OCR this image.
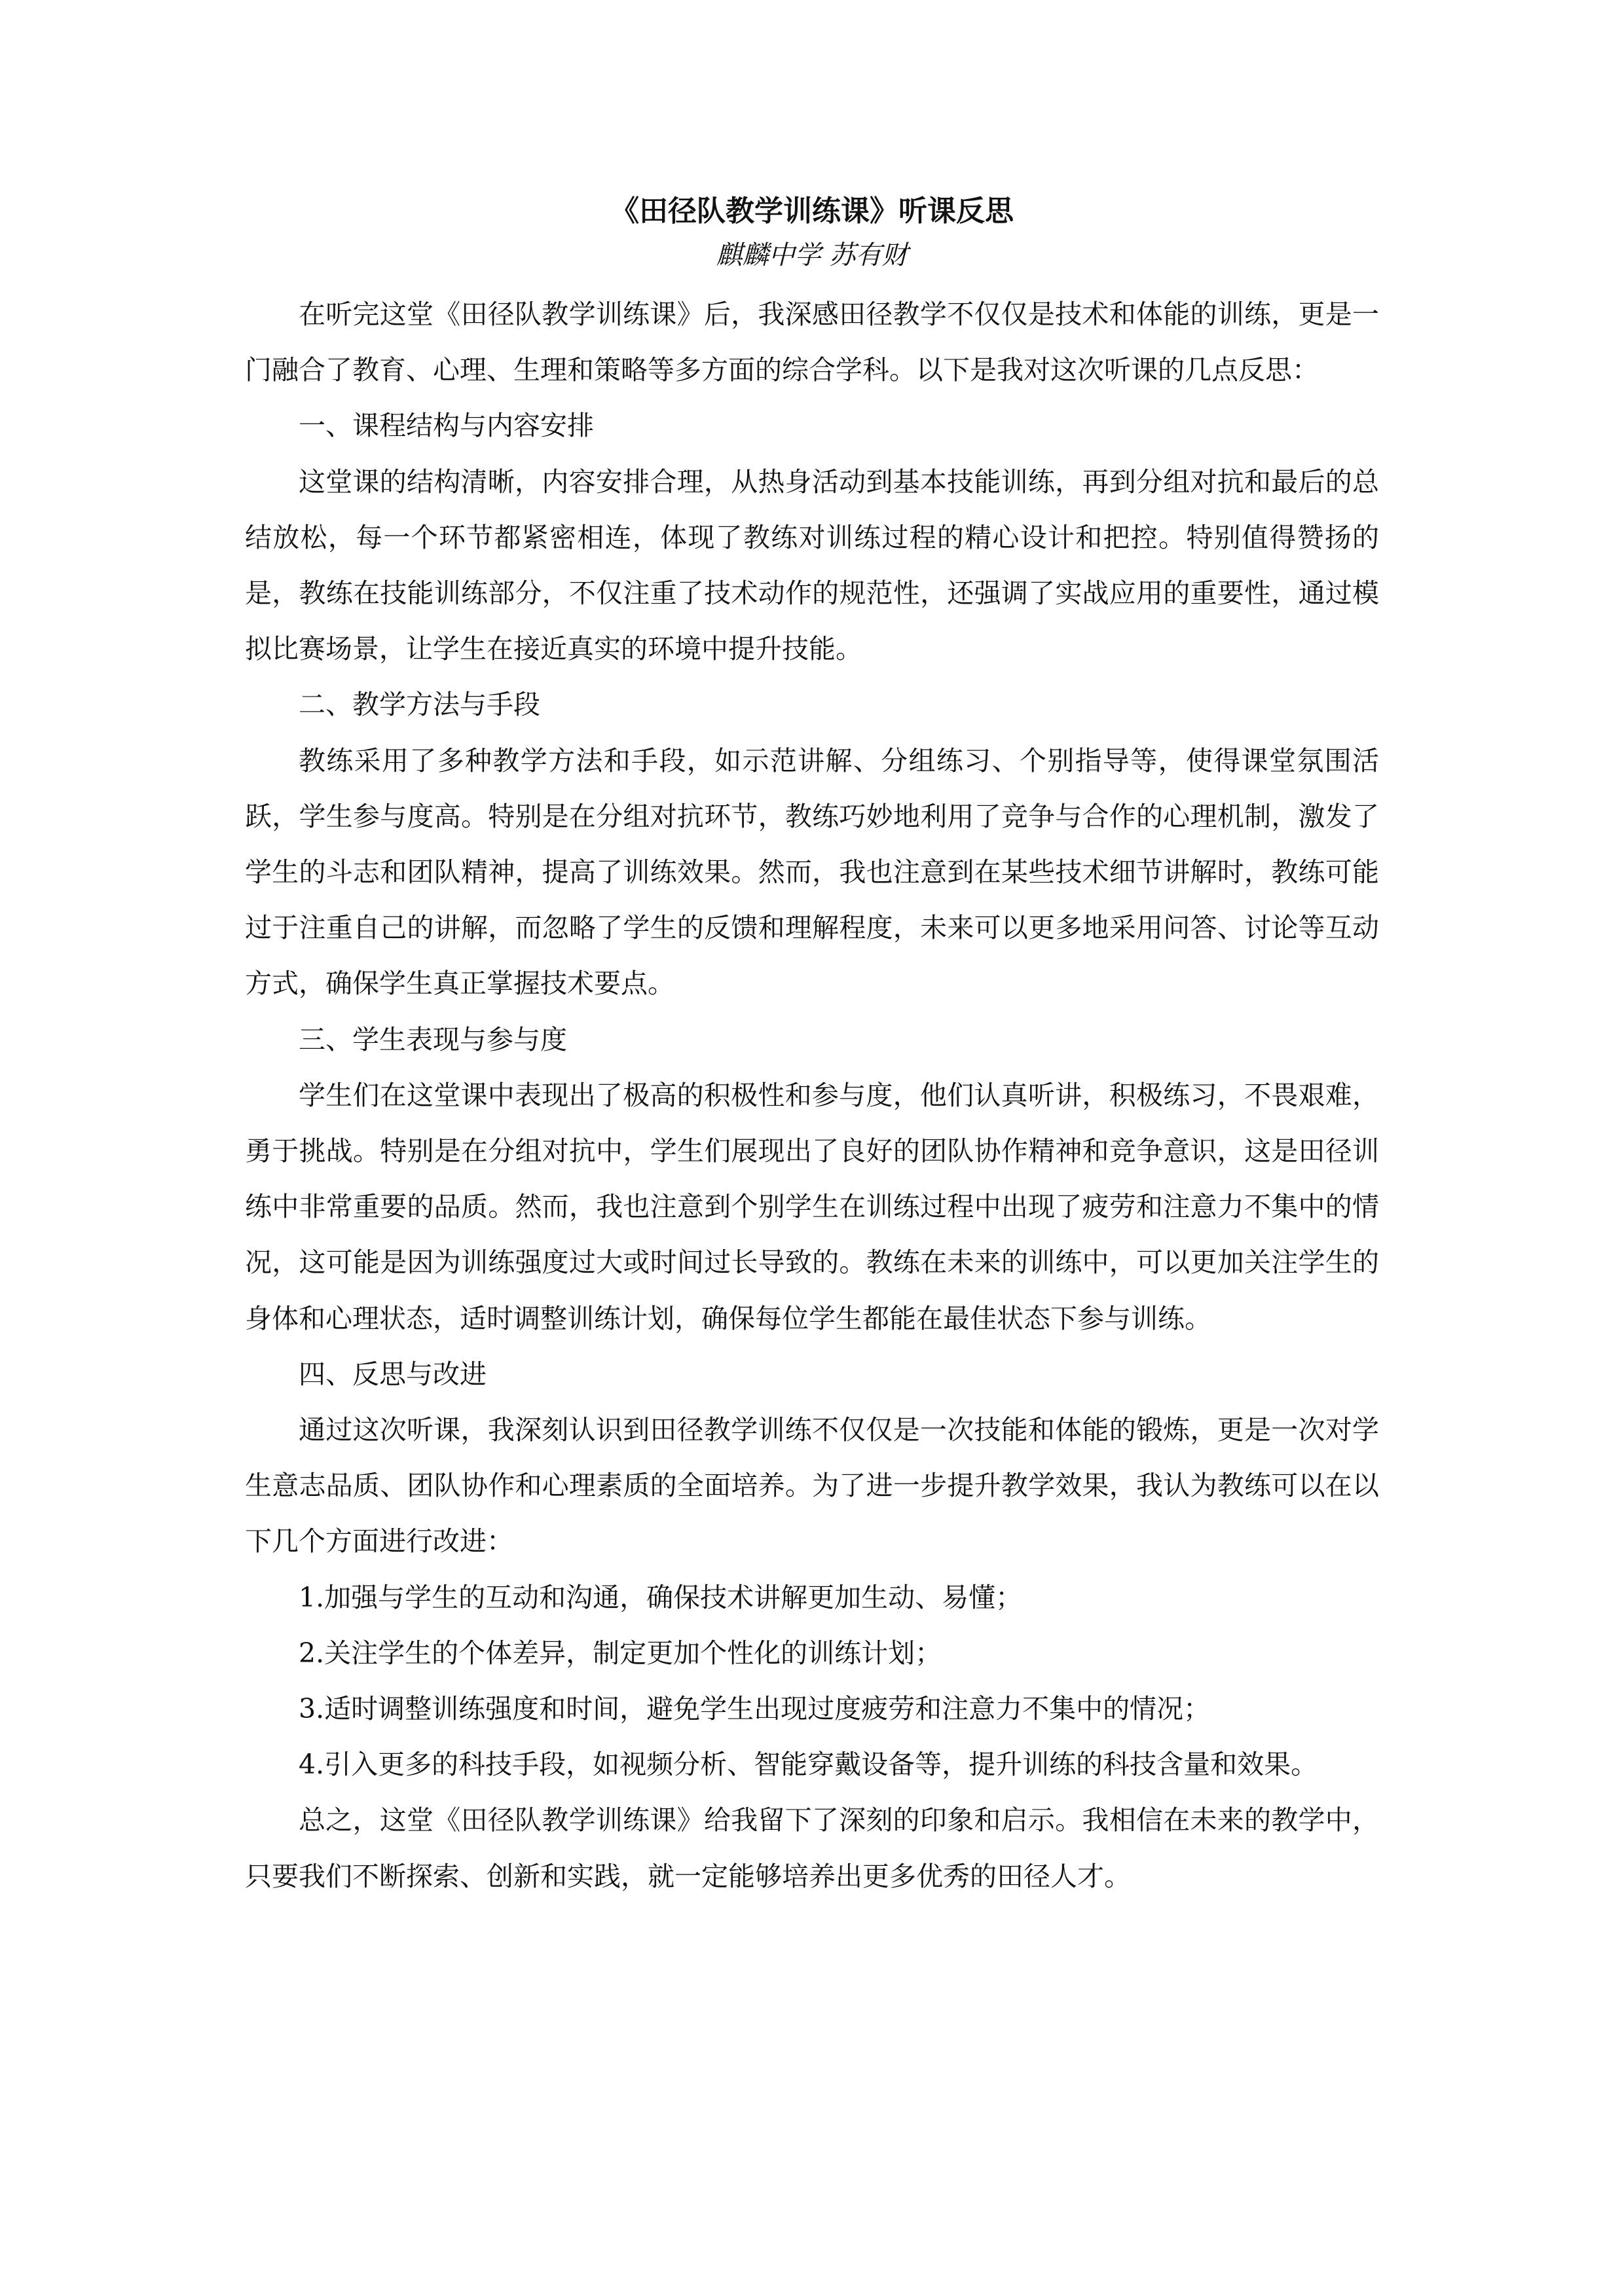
《田径队教学训练课》听课反思
麒麟中学 苏有财

在听完这堂《田径队教学训练课》后，我深感田径教学不仅仅是技术和体能的训练，更是一门融合了教育、心理、生理和策略等多方面的综合学科。以下是我对这次听课的几点反思：

一、课程结构与内容安排

这堂课的结构清晰，内容安排合理，从热身活动到基本技能训练，再到分组对抗和最后的总结放松，每一个环节都紧密相连，体现了教练对训练过程的精心设计和把控。特别值得赞扬的是，教练在技能训练部分，不仅注重了技术动作的规范性，还强调了实战应用的重要性，通过模拟比赛场景，让学生在接近真实的环境中提升技能。

二、教学方法与手段

教练采用了多种教学方法和手段，如示范讲解、分组练习、个别指导等，使得课堂氛围活跃，学生参与度高。特别是在分组对抗环节，教练巧妙地利用了竞争与合作的心理机制，激发了学生的斗志和团队精神，提高了训练效果。然而，我也注意到在某些技术细节讲解时，教练可能过于注重自己的讲解，而忽略了学生的反馈和理解程度，未来可以更多地采用问答、讨论等互动方式，确保学生真正掌握技术要点。

三、学生表现与参与度

学生们在这堂课中表现出了极高的积极性和参与度，他们认真听讲，积极练习，不畏艰难，勇于挑战。特别是在分组对抗中，学生们展现出了良好的团队协作精神和竞争意识，这是田径训练中非常重要的品质。然而，我也注意到个别学生在训练过程中出现了疲劳和注意力不集中的情况，这可能是因为训练强度过大或时间过长导致的。教练在未来的训练中，可以更加关注学生的身体和心理状态，适时调整训练计划，确保每位学生都能在最佳状态下参与训练。

四、反思与改进

通过这次听课，我深刻认识到田径教学训练不仅仅是一次技能和体能的锻炼，更是一次对学生意志品质、团队协作和心理素质的全面培养。为了进一步提升教学效果，我认为教练可以在以下几个方面进行改进：

1.加强与学生的互动和沟通，确保技术讲解更加生动、易懂；

2.关注学生的个体差异，制定更加个性化的训练计划；

3.适时调整训练强度和时间，避免学生出现过度疲劳和注意力不集中的情况；

4.引入更多的科技手段，如视频分析、智能穿戴设备等，提升训练的科技含量和效果。

总之，这堂《田径队教学训练课》给我留下了深刻的印象和启示。我相信在未来的教学中，只要我们不断探索、创新和实践，就一定能够培养出更多优秀的田径人才。
